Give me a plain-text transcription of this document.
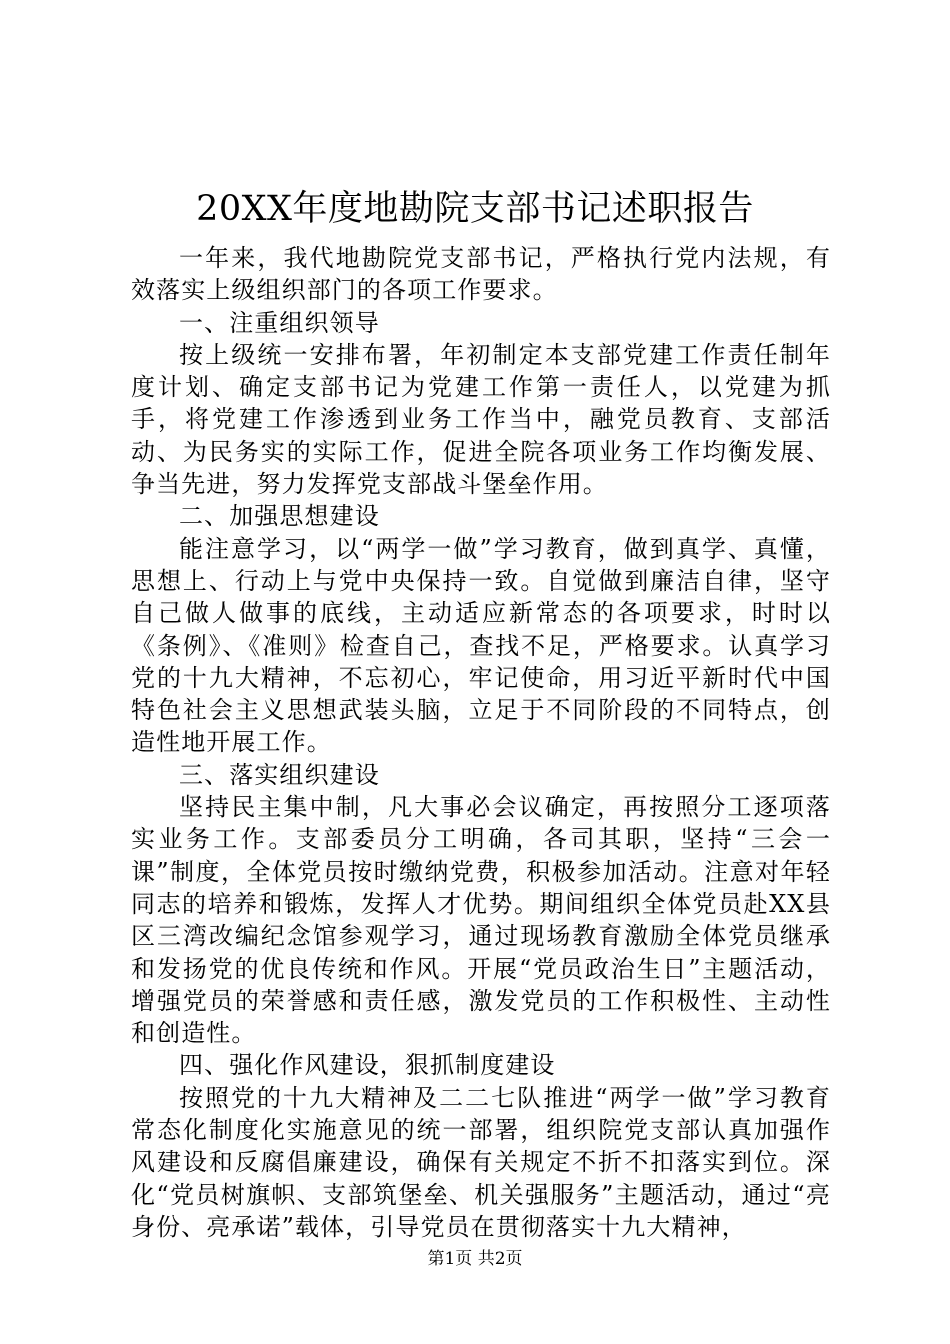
20XX年度地勘院支部书记述职报告

一年来，我代地勘院党支部书记，严格执行党内法规，有效落实上级组织部门的各项工作要求。

一、注重组织领导

按上级统一安排布署，年初制定本支部党建工作责任制年度计划、确定支部书记为党建工作第一责任人，以党建为抓手，将党建工作渗透到业务工作当中，融党员教育、支部活动、为民务实的实际工作，促进全院各项业务工作均衡发展、争当先进，努力发挥党支部战斗堡垒作用。

二、加强思想建设

能注意学习，以“两学一做”学习教育，做到真学、真懂，思想上、行动上与党中央保持一致。自觉做到廉洁自律，坚守自己做人做事的底线，主动适应新常态的各项要求，时时以《条例》、《准则》检查自己，查找不足，严格要求。认真学习党的十九大精神，不忘初心，牢记使命，用习近平新时代中国特色社会主义思想武装头脑，立足于不同阶段的不同特点，创造性地开展工作。

三、落实组织建设

坚持民主集中制，凡大事必会议确定，再按照分工逐项落实业务工作。支部委员分工明确，各司其职，坚持“三会一课”制度，全体党员按时缴纳党费，积极参加活动。注意对年轻同志的培养和锻炼，发挥人才优势。期间组织全体党员赴XX县区三湾改编纪念馆参观学习，通过现场教育激励全体党员继承和发扬党的优良传统和作风。开展“党员政治生日”主题活动，增强党员的荣誉感和责任感，激发党员的工作积极性、主动性和创造性。

四、强化作风建设，狠抓制度建设

按照党的十九大精神及二二七队推进“两学一做”学习教育常态化制度化实施意见的统一部署，组织院党支部认真加强作风建设和反腐倡廉建设，确保有关规定不折不扣落实到位。深化“党员树旗帜、支部筑堡垒、机关强服务”主题活动，通过“亮身份、亮承诺”载体，引导党员在贯彻落实十九大精神，

第1页 共2页
